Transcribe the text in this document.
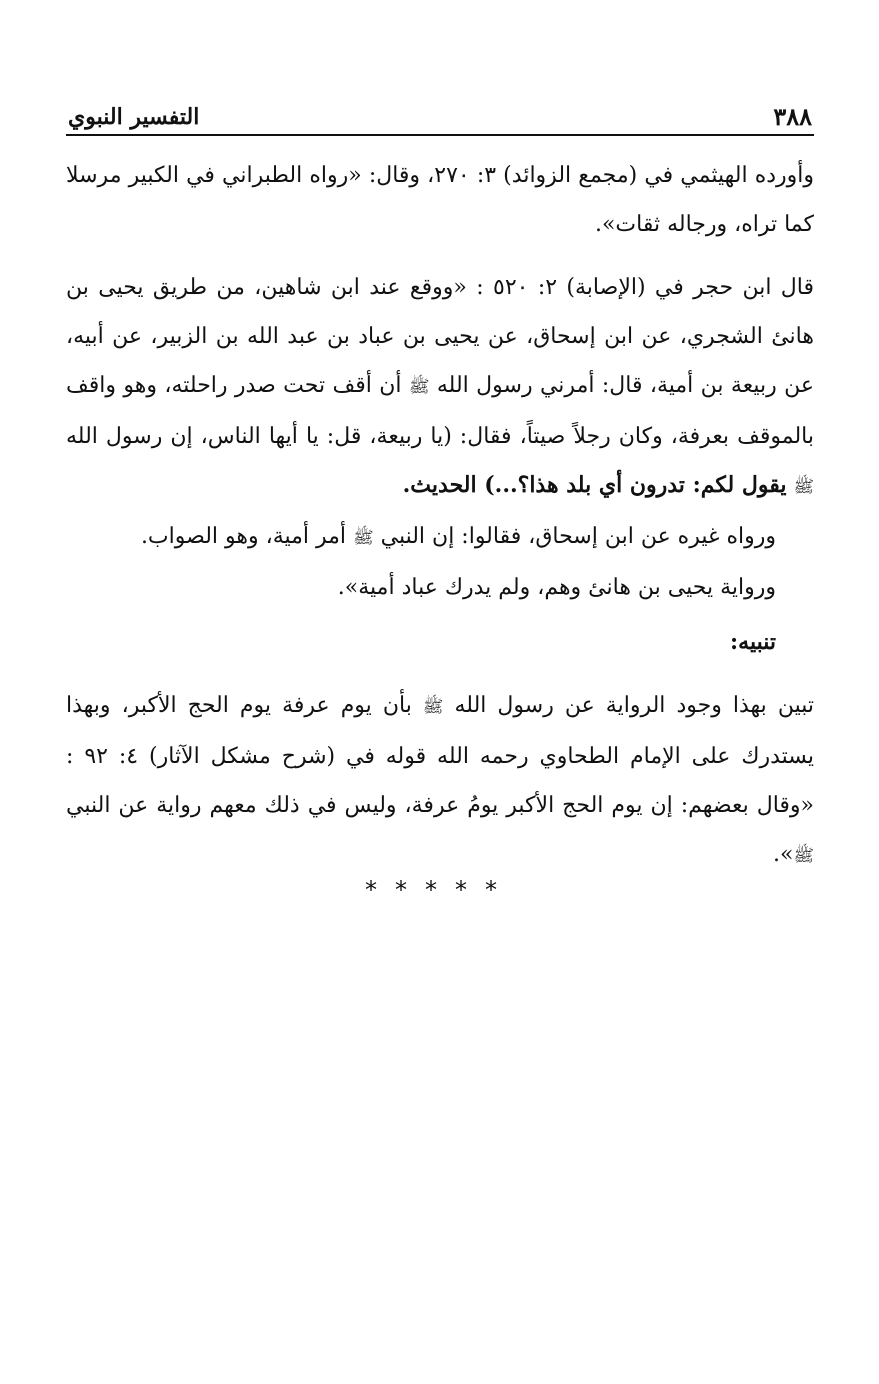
٣٨٨
التفسير النبوي

وأورده الهيثمي في (مجمع الزوائد) ٣: ٢٧٠، وقال: «رواه الطبراني في الكبير مرسلا كما تراه، ورجاله ثقات».

قال ابن حجر في (الإصابة) ٢: ٥٢٠ : «ووقع عند ابن شاهين، من طريق يحيى بن هانئ الشجري، عن ابن إسحاق، عن يحيى بن عباد بن عبد الله بن الزبير، عن أبيه، عن ربيعة بن أمية، قال: أمرني رسول الله ﷺ أن أقف تحت صدر راحلته، وهو واقف بالموقف بعرفة، وكان رجلاً صيتاً، فقال: (يا ربيعة، قل: يا أيها الناس، إن رسول الله ﷺ يقول لكم: تدرون أي بلد هذا؟...) الحديث.

ورواه غيره عن ابن إسحاق، فقالوا: إن النبي ﷺ أمر أمية، وهو الصواب.

ورواية يحيى بن هانئ وهم، ولم يدرك عباد أمية».

تنبيه:

تبين بهذا وجود الرواية عن رسول الله ﷺ بأن يوم عرفة يوم الحج الأكبر، وبهذا يستدرك على الإمام الطحاوي رحمه الله قوله في (شرح مشكل الآثار) ٤: ٩٢ : «وقال بعضهم: إن يوم الحج الأكبر يومُ عرفة، وليس في ذلك معهم رواية عن النبي ﷺ».

*****
